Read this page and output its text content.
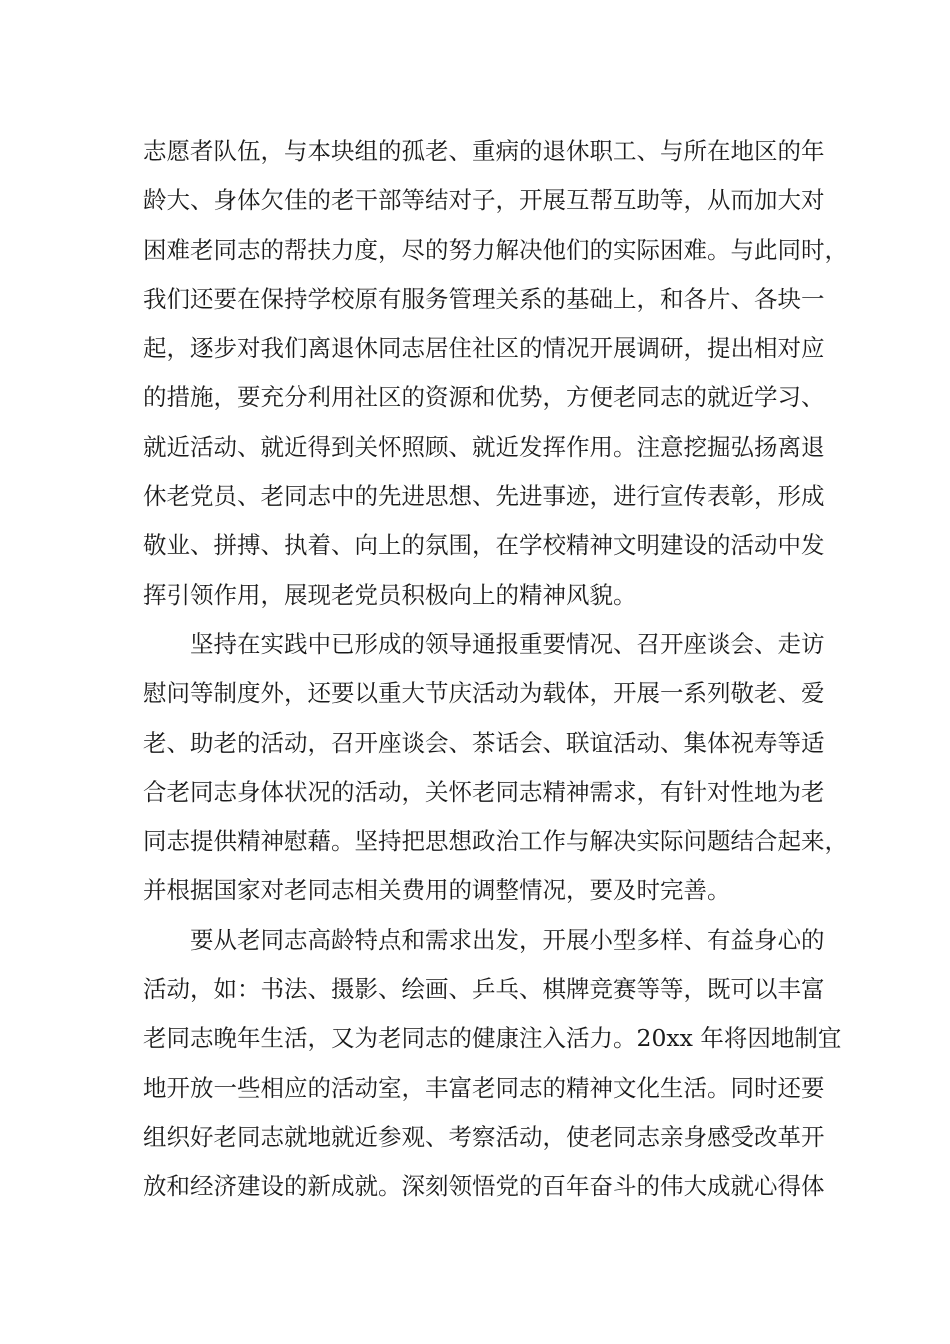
志愿者队伍，与本块组的孤老、重病的退休职工、与所在地区的年
龄大、身体欠佳的老干部等结对子，开展互帮互助等，从而加大对
困难老同志的帮扶力度，尽的努力解决他们的实际困难。与此同时，
我们还要在保持学校原有服务管理关系的基础上，和各片、各块一
起，逐步对我们离退休同志居住社区的情况开展调研，提出相对应
的措施，要充分利用社区的资源和优势，方便老同志的就近学习、
就近活动、就近得到关怀照顾、就近发挥作用。注意挖掘弘扬离退
休老党员、老同志中的先进思想、先进事迹，进行宣传表彰，形成
敬业、拼搏、执着、向上的氛围，在学校精神文明建设的活动中发
挥引领作用，展现老党员积极向上的精神风貌。
坚持在实践中已形成的领导通报重要情况、召开座谈会、走访
慰问等制度外，还要以重大节庆活动为载体，开展一系列敬老、爱
老、助老的活动，召开座谈会、茶话会、联谊活动、集体祝寿等适
合老同志身体状况的活动，关怀老同志精神需求，有针对性地为老
同志提供精神慰藉。坚持把思想政治工作与解决实际问题结合起来，
并根据国家对老同志相关费用的调整情况，要及时完善。
要从老同志高龄特点和需求出发，开展小型多样、有益身心的
活动，如：书法、摄影、绘画、乒乓、棋牌竞赛等等，既可以丰富
老同志晚年生活，又为老同志的健康注入活力。20xx 年将因地制宜
地开放一些相应的活动室，丰富老同志的精神文化生活。同时还要
组织好老同志就地就近参观、考察活动，使老同志亲身感受改革开
放和经济建设的新成就。深刻领悟党的百年奋斗的伟大成就心得体
